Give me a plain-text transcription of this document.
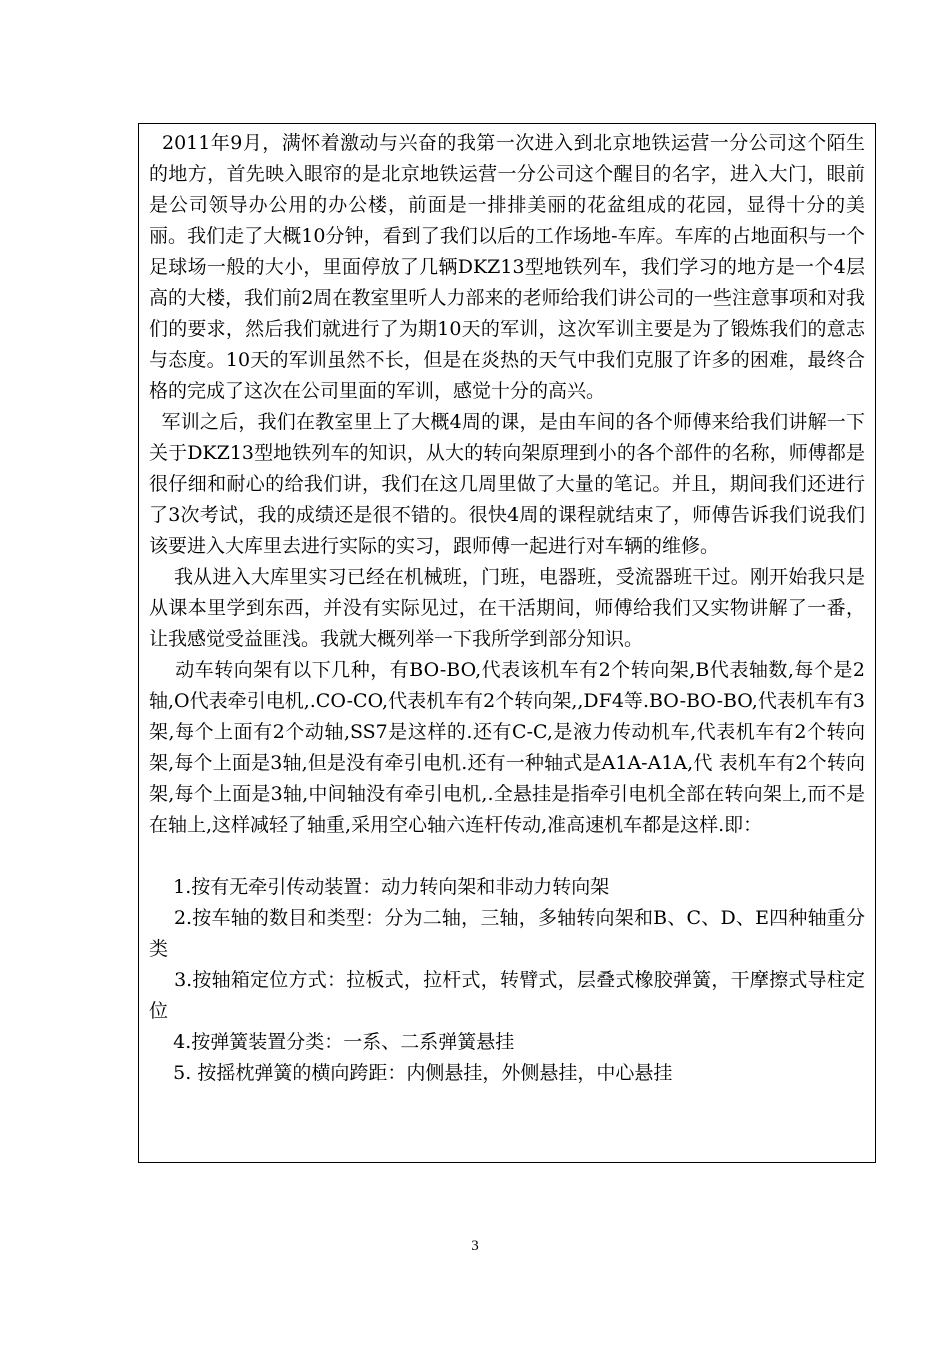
2011年9月，满怀着激动与兴奋的我第一次进入到北京地铁运营一分公司这个陌生的地方，首先映入眼帘的是北京地铁运营一分公司这个醒目的名字，进入大门，眼前是公司领导办公用的办公楼，前面是一排排美丽的花盆组成的花园，显得十分的美丽。我们走了大概10分钟，看到了我们以后的工作场地-车库。车库的占地面积与一个足球场一般的大小，里面停放了几辆DKZ13型地铁列车，我们学习的地方是一个4层高的大楼，我们前2周在教室里听人力部来的老师给我们讲公司的一些注意事项和对我们的要求，然后我们就进行了为期10天的军训，这次军训主要是为了锻炼我们的意志与态度。10天的军训虽然不长，但是在炎热的天气中我们克服了许多的困难，最终合格的完成了这次在公司里面的军训，感觉十分的高兴。

军训之后，我们在教室里上了大概4周的课，是由车间的各个师傅来给我们讲解一下关于DKZ13型地铁列车的知识，从大的转向架原理到小的各个部件的名称，师傅都是很仔细和耐心的给我们讲，我们在这几周里做了大量的笔记。并且，期间我们还进行了3次考试，我的成绩还是很不错的。很快4周的课程就结束了，师傅告诉我们说我们该要进入大库里去进行实际的实习，跟师傅一起进行对车辆的维修。

我从进入大库里实习已经在机械班，门班，电器班，受流器班干过。刚开始我只是从课本里学到东西，并没有实际见过，在干活期间，师傅给我们又实物讲解了一番，让我感觉受益匪浅。我就大概列举一下我所学到部分知识。

动车转向架有以下几种，有BO-BO,代表该机车有2个转向架,B代表轴数,每个是2轴,O代表牵引电机,.CO-CO,代表机车有2个转向架,,DF4等.BO-BO-BO,代表机车有3架,每个上面有2个动轴,SS7是这样的.还有C-C,是液力传动机车,代表机车有2个转向架,每个上面是3轴,但是没有牵引电机.还有一种轴式是A1A-A1A,代 表机车有2个转向架,每个上面是3轴,中间轴没有牵引电机,.全悬挂是指牵引电机全部在转向架上,而不是在轴上,这样减轻了轴重,采用空心轴六连杆传动,准高速机车都是这样.即：

1.按有无牵引传动装置：动力转向架和非动力转向架

2.按车轴的数目和类型：分为二轴，三轴，多轴转向架和B、C、D、E四种轴重分类

3.按轴箱定位方式：拉板式，拉杆式，转臂式，层叠式橡胶弹簧，干摩擦式导柱定位

4.按弹簧装置分类：一系、二系弹簧悬挂

5. 按摇枕弹簧的横向跨距：内侧悬挂，外侧悬挂，中心悬挂

3
